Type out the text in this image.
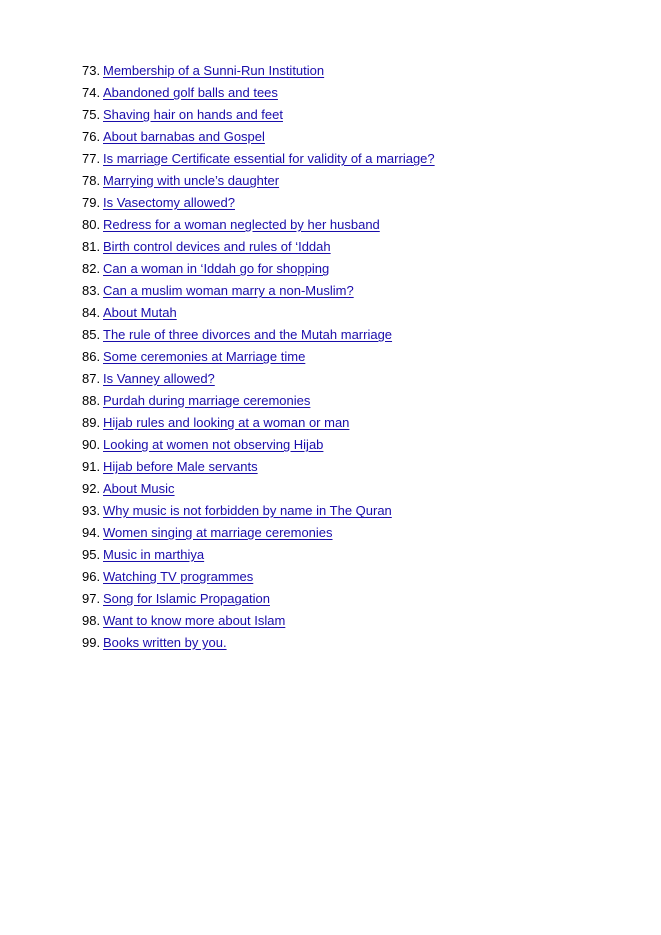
73. Membership of a Sunni-Run Institution
74. Abandoned golf balls and tees
75. Shaving hair on hands and feet
76. About barnabas and Gospel
77. Is marriage Certificate essential for validity of a marriage?
78. Marrying with uncle’s daughter
79. Is Vasectomy allowed?
80. Redress for a woman neglected by her husband
81. Birth control devices and rules of ‘Iddah
82. Can a woman in ‘Iddah go for shopping
83. Can a muslim woman marry a non-Muslim?
84. About Mutah
85. The rule of three divorces and the Mutah marriage
86. Some ceremonies at Marriage time
87. Is Vanney allowed?
88. Purdah during marriage ceremonies
89. Hijab rules and looking at a woman or man
90. Looking at women not observing Hijab
91. Hijab before Male servants
92. About Music
93. Why music is not forbidden by name in The Quran
94. Women singing at marriage ceremonies
95. Music in marthiya
96. Watching TV programmes
97. Song for Islamic Propagation
98. Want to know more about Islam
99. Books written by you.
